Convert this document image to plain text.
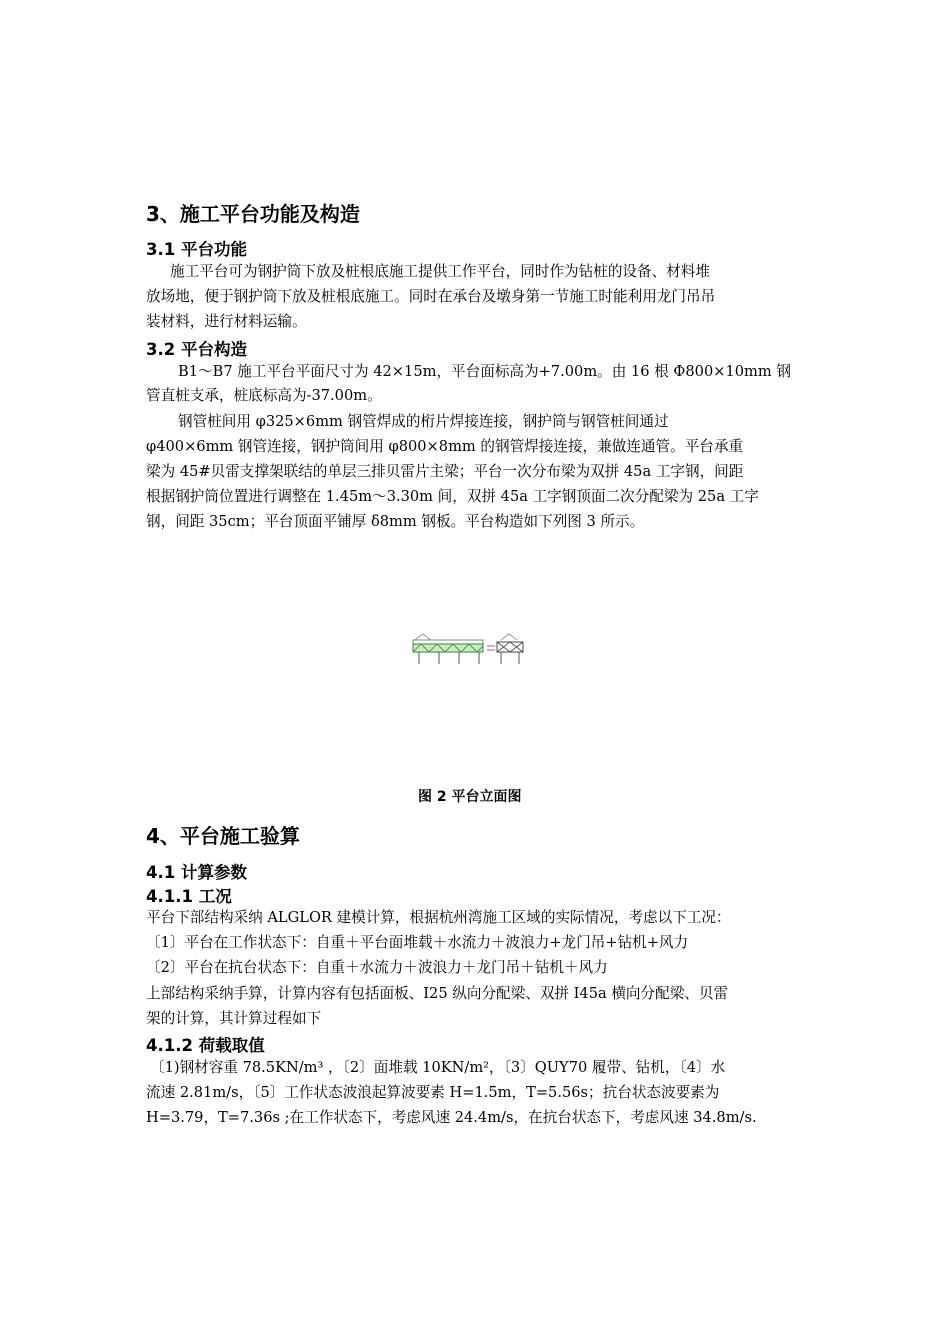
3、施工平台功能及构造
3.1 平台功能
施工平台可为钢护筒下放及桩根底施工提供工作平台，同时作为钻桩的设备、材料堆
放场地，便于钢护筒下放及桩根底施工。同时在承台及墩身第一节施工时能利用龙门吊吊
装材料，进行材料运输。
3.2 平台构造
B1～B7 施工平台平面尺寸为 42×15m，平台面标高为+7.00m。由 16 根 Φ800×10mm 钢
管直桩支承，桩底标高为-37.00m。
钢管桩间用 φ325×6mm 钢管焊成的桁片焊接连接，钢护筒与钢管桩间通过
φ400×6mm 钢管连接，钢护筒间用 φ800×8mm 的钢管焊接连接，兼做连通管。平台承重
梁为 45#贝雷支撑架联结的单层三排贝雷片主梁；平台一次分布梁为双拼 45a 工字钢，间距
根据钢护筒位置进行调整在 1.45m～3.30m 间，双拼 45a 工字钢顶面二次分配梁为 25a 工字
钢，间距 35cm；平台顶面平铺厚 δ8mm 钢板。平台构造如下列图 3 所示。
图 2 平台立面图
4、平台施工验算
4.1 计算参数
4.1.1 工况
平台下部结构采纳 ALGLOR 建模计算，根据杭州湾施工区域的实际情况，考虑以下工况：
〔1〕平台在工作状态下：自重＋平台面堆载＋水流力＋波浪力+龙门吊+钻机+风力
〔2〕平台在抗台状态下：自重＋水流力＋波浪力＋龙门吊＋钻机＋风力
上部结构采纳手算，计算内容有包括面板、I25 纵向分配梁、双拼 I45a 横向分配梁、贝雷
架的计算，其计算过程如下
4.1.2 荷载取值
〔1)钢材容重 78.5KN/m³ ，〔2〕面堆载 10KN/m²，〔3〕QUY70 履带、钻机，〔4〕水
流速 2.81m/s，〔5〕工作状态波浪起算波要素 H=1.5m，T=5.56s；抗台状态波要素为
H=3.79，T=7.36s ;在工作状态下，考虑风速 24.4m/s，在抗台状态下，考虑风速 34.8m/s.
